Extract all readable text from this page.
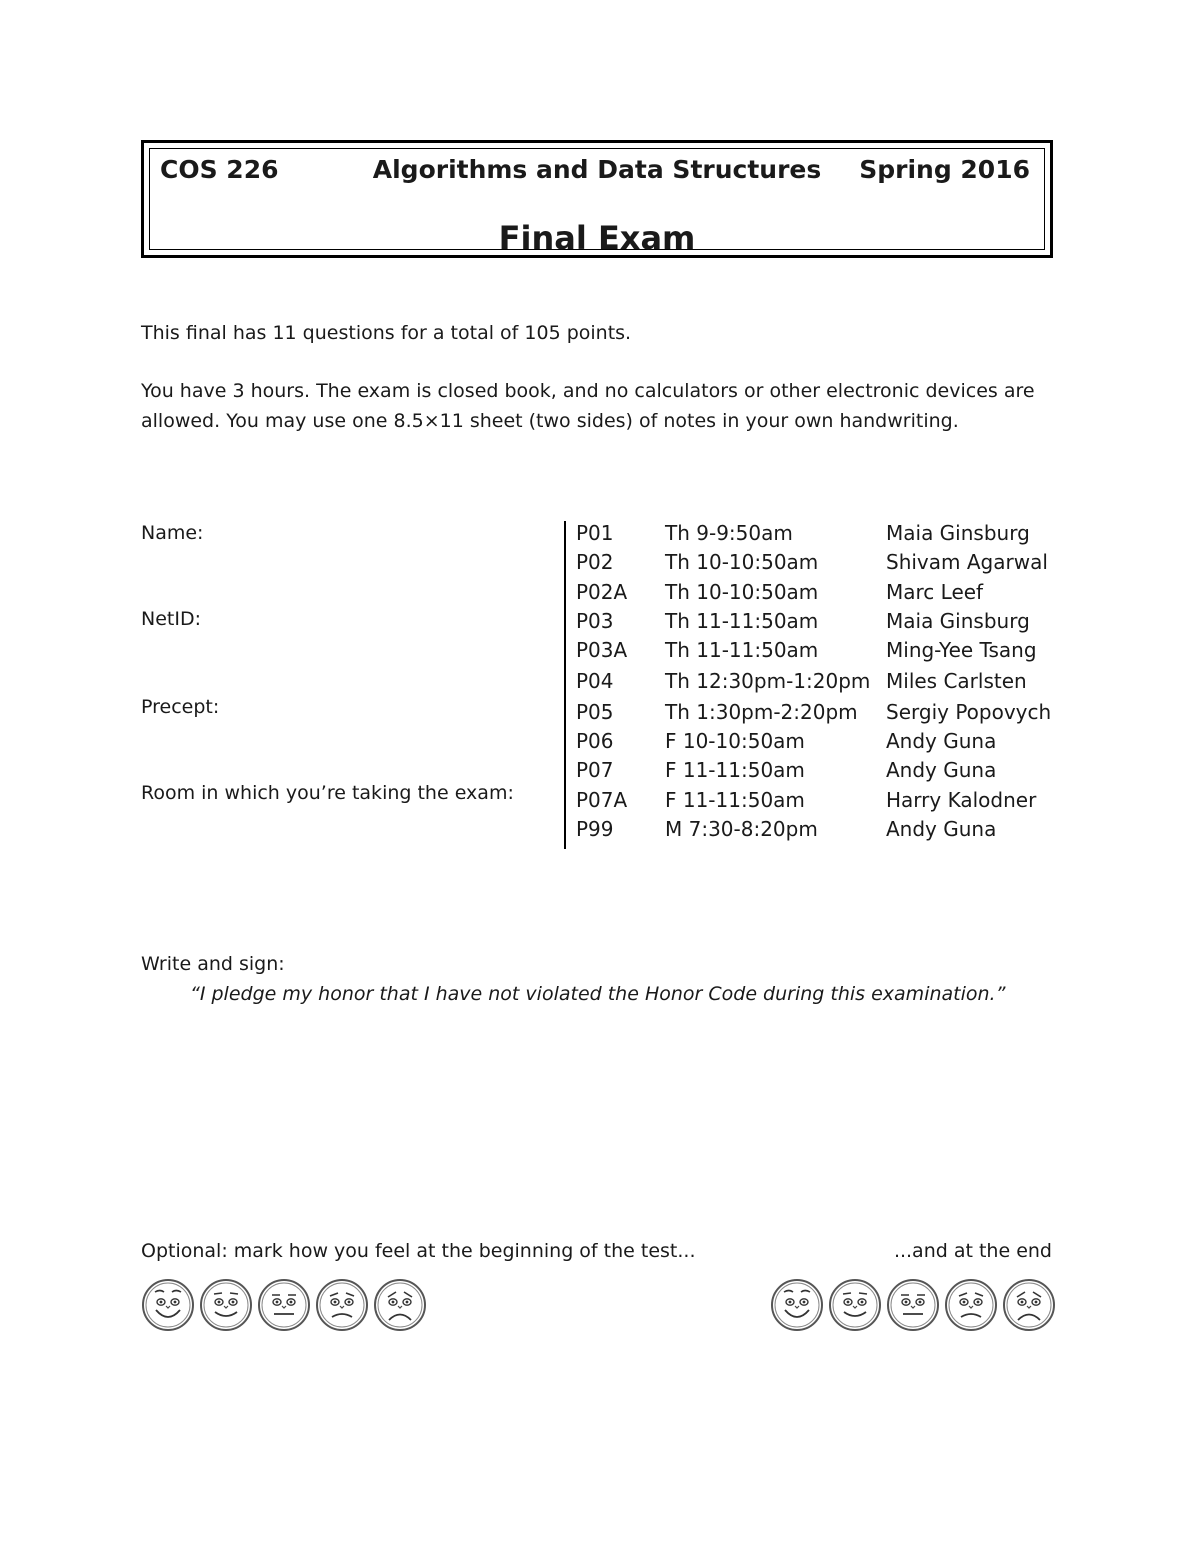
COS 226	Algorithms and Data Structures	Spring 2016
Final Exam
This final has 11 questions for a total of 105 points.
You have 3 hours. The exam is closed book, and no calculators or other electronic devices are allowed. You may use one 8.5×11 sheet (two sides) of notes in your own handwriting.
Name:
NetID:
Precept:
Room in which you’re taking the exam:
P01	Th 9-9:50am	Maia Ginsburg
P02	Th 10-10:50am	Shivam Agarwal
P02A Th 10-10:50am	Marc Leef
P03	Th 11-11:50am	Maia Ginsburg
P03A Th 11-11:50am	Ming-Yee Tsang
P04	Th 12:30pm-1:20pm Miles Carlsten
P05	Th 1:30pm-2:20pm Sergiy Popovych
P06	F 10-10:50am	Andy Guna
P07	F 11-11:50am	Andy Guna
P07A F 11-11:50am	Harry Kalodner
P99	M 7:30-8:20pm	Andy Guna
Write and sign:
“I pledge my honor that I have not violated the Honor Code during this examination.”
Optional: mark how you feel at the beginning of the test...	...and at the end
